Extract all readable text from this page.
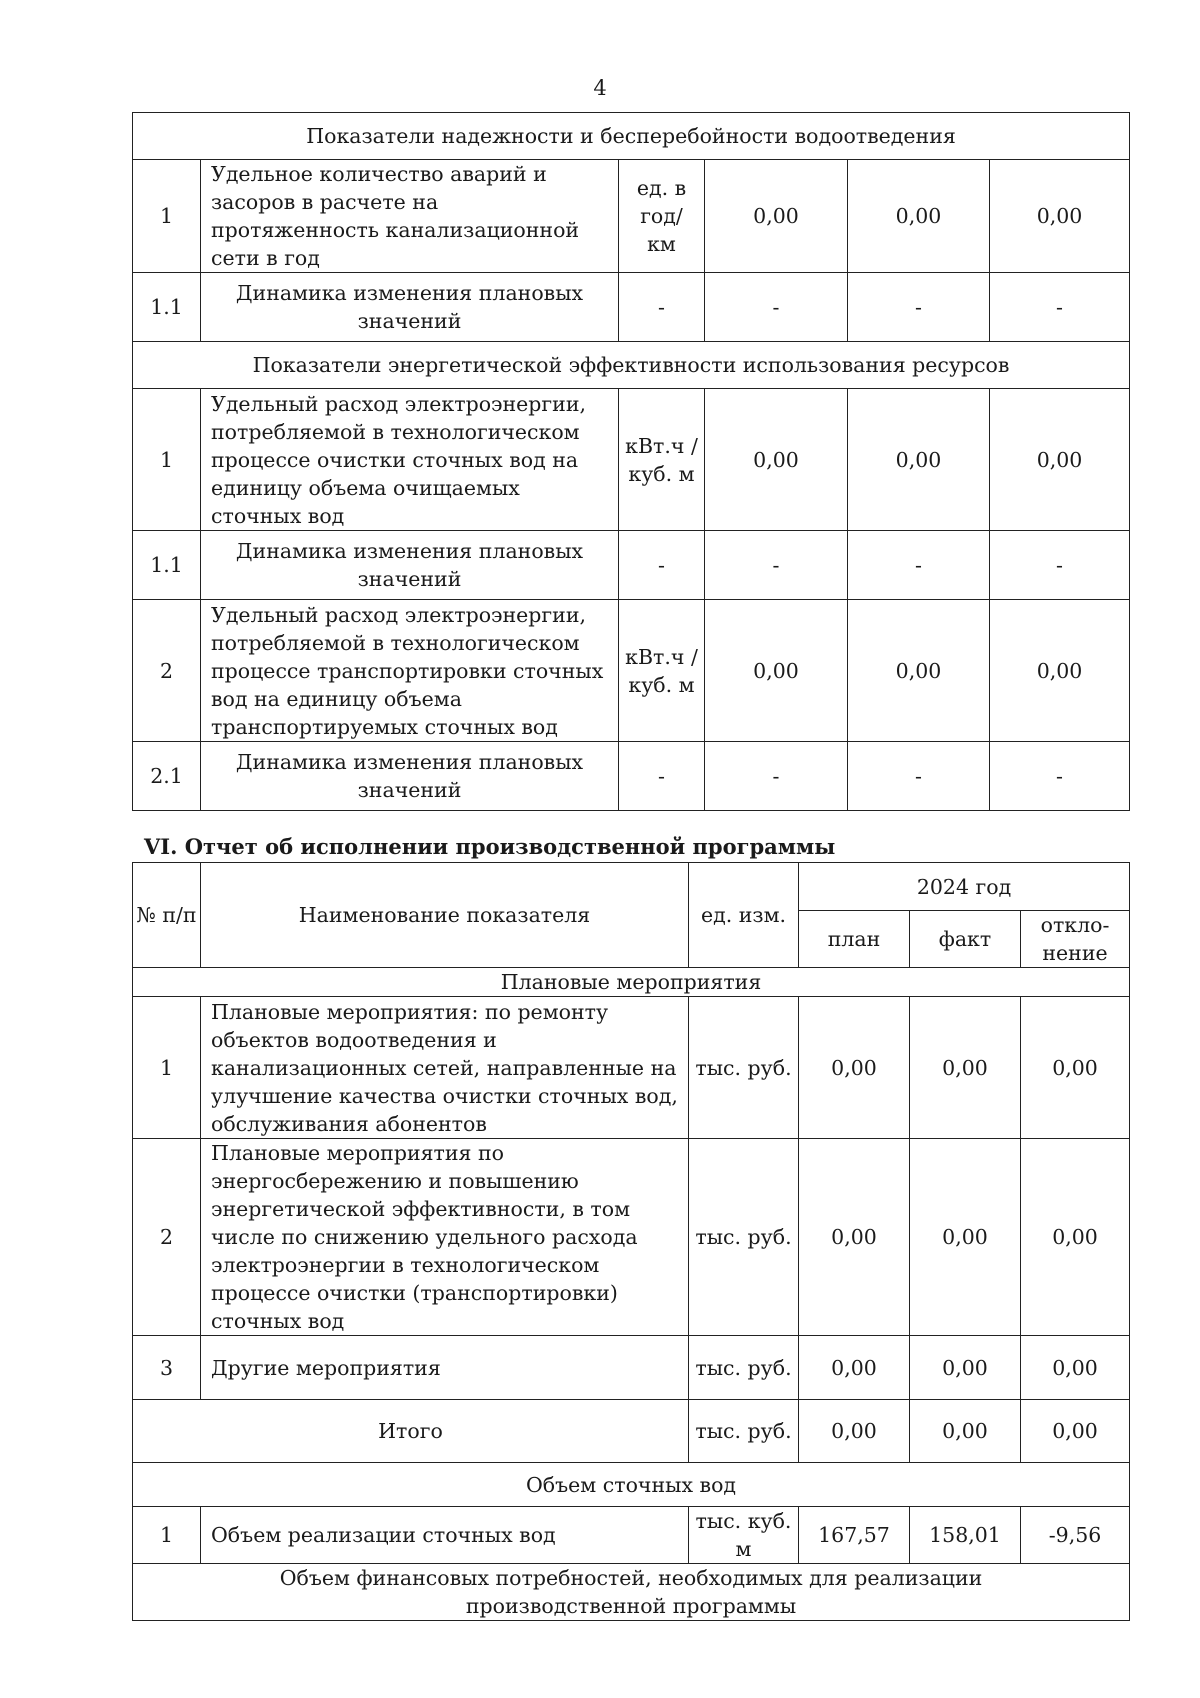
4
Показатели надежности и бесперебойности водоотведения					
1	Удельное количество аварий и засоров в расчете на протяженность канализационной сети в год	ед. в год/ км	0,00	0,00	0,00
1.1	Динамика изменения плановых значений	-	-	-	-
Показатели энергетической эффективности использования ресурсов					
1	Удельный расход электроэнергии, потребляемой в технологическом процессе очистки сточных вод на единицу объема очищаемых сточных вод	кВт.ч / куб. м	0,00	0,00	0,00
1.1	Динамика изменения плановых значений	-	-	-	-
2	Удельный расход электроэнергии, потребляемой в технологическом процессе транспортировки сточных вод на единицу объема транспортируемых сточных вод	кВт.ч / куб. м	0,00	0,00	0,00
2.1	Динамика изменения плановых значений	-	-	-	-
VI. Отчет об исполнении производственной программы
№ п/п	Наименование показателя	ед. изм.	2024 год		
			план	факт	откло-нение
Плановые мероприятия					
1	Плановые мероприятия: по ремонту объектов водоотведения и канализационных сетей, направленные на улучшение качества очистки сточных вод, обслуживания абонентов	тыс. руб.	0,00	0,00	0,00
2	Плановые мероприятия по энергосбережению и повышению энергетической эффективности, в том числе по снижению удельного расхода электроэнергии в технологическом процессе очистки (транспортировки) сточных вод	тыс. руб.	0,00	0,00	0,00
3	Другие мероприятия	тыс. руб.	0,00	0,00	0,00
Итого		тыс. руб.	0,00	0,00	0,00
Объем сточных вод					
1	Объем реализации сточных вод	тыс. куб. м	167,57	158,01	-9,56
Объем финансовых потребностей, необходимых для реализации производственной программы					
